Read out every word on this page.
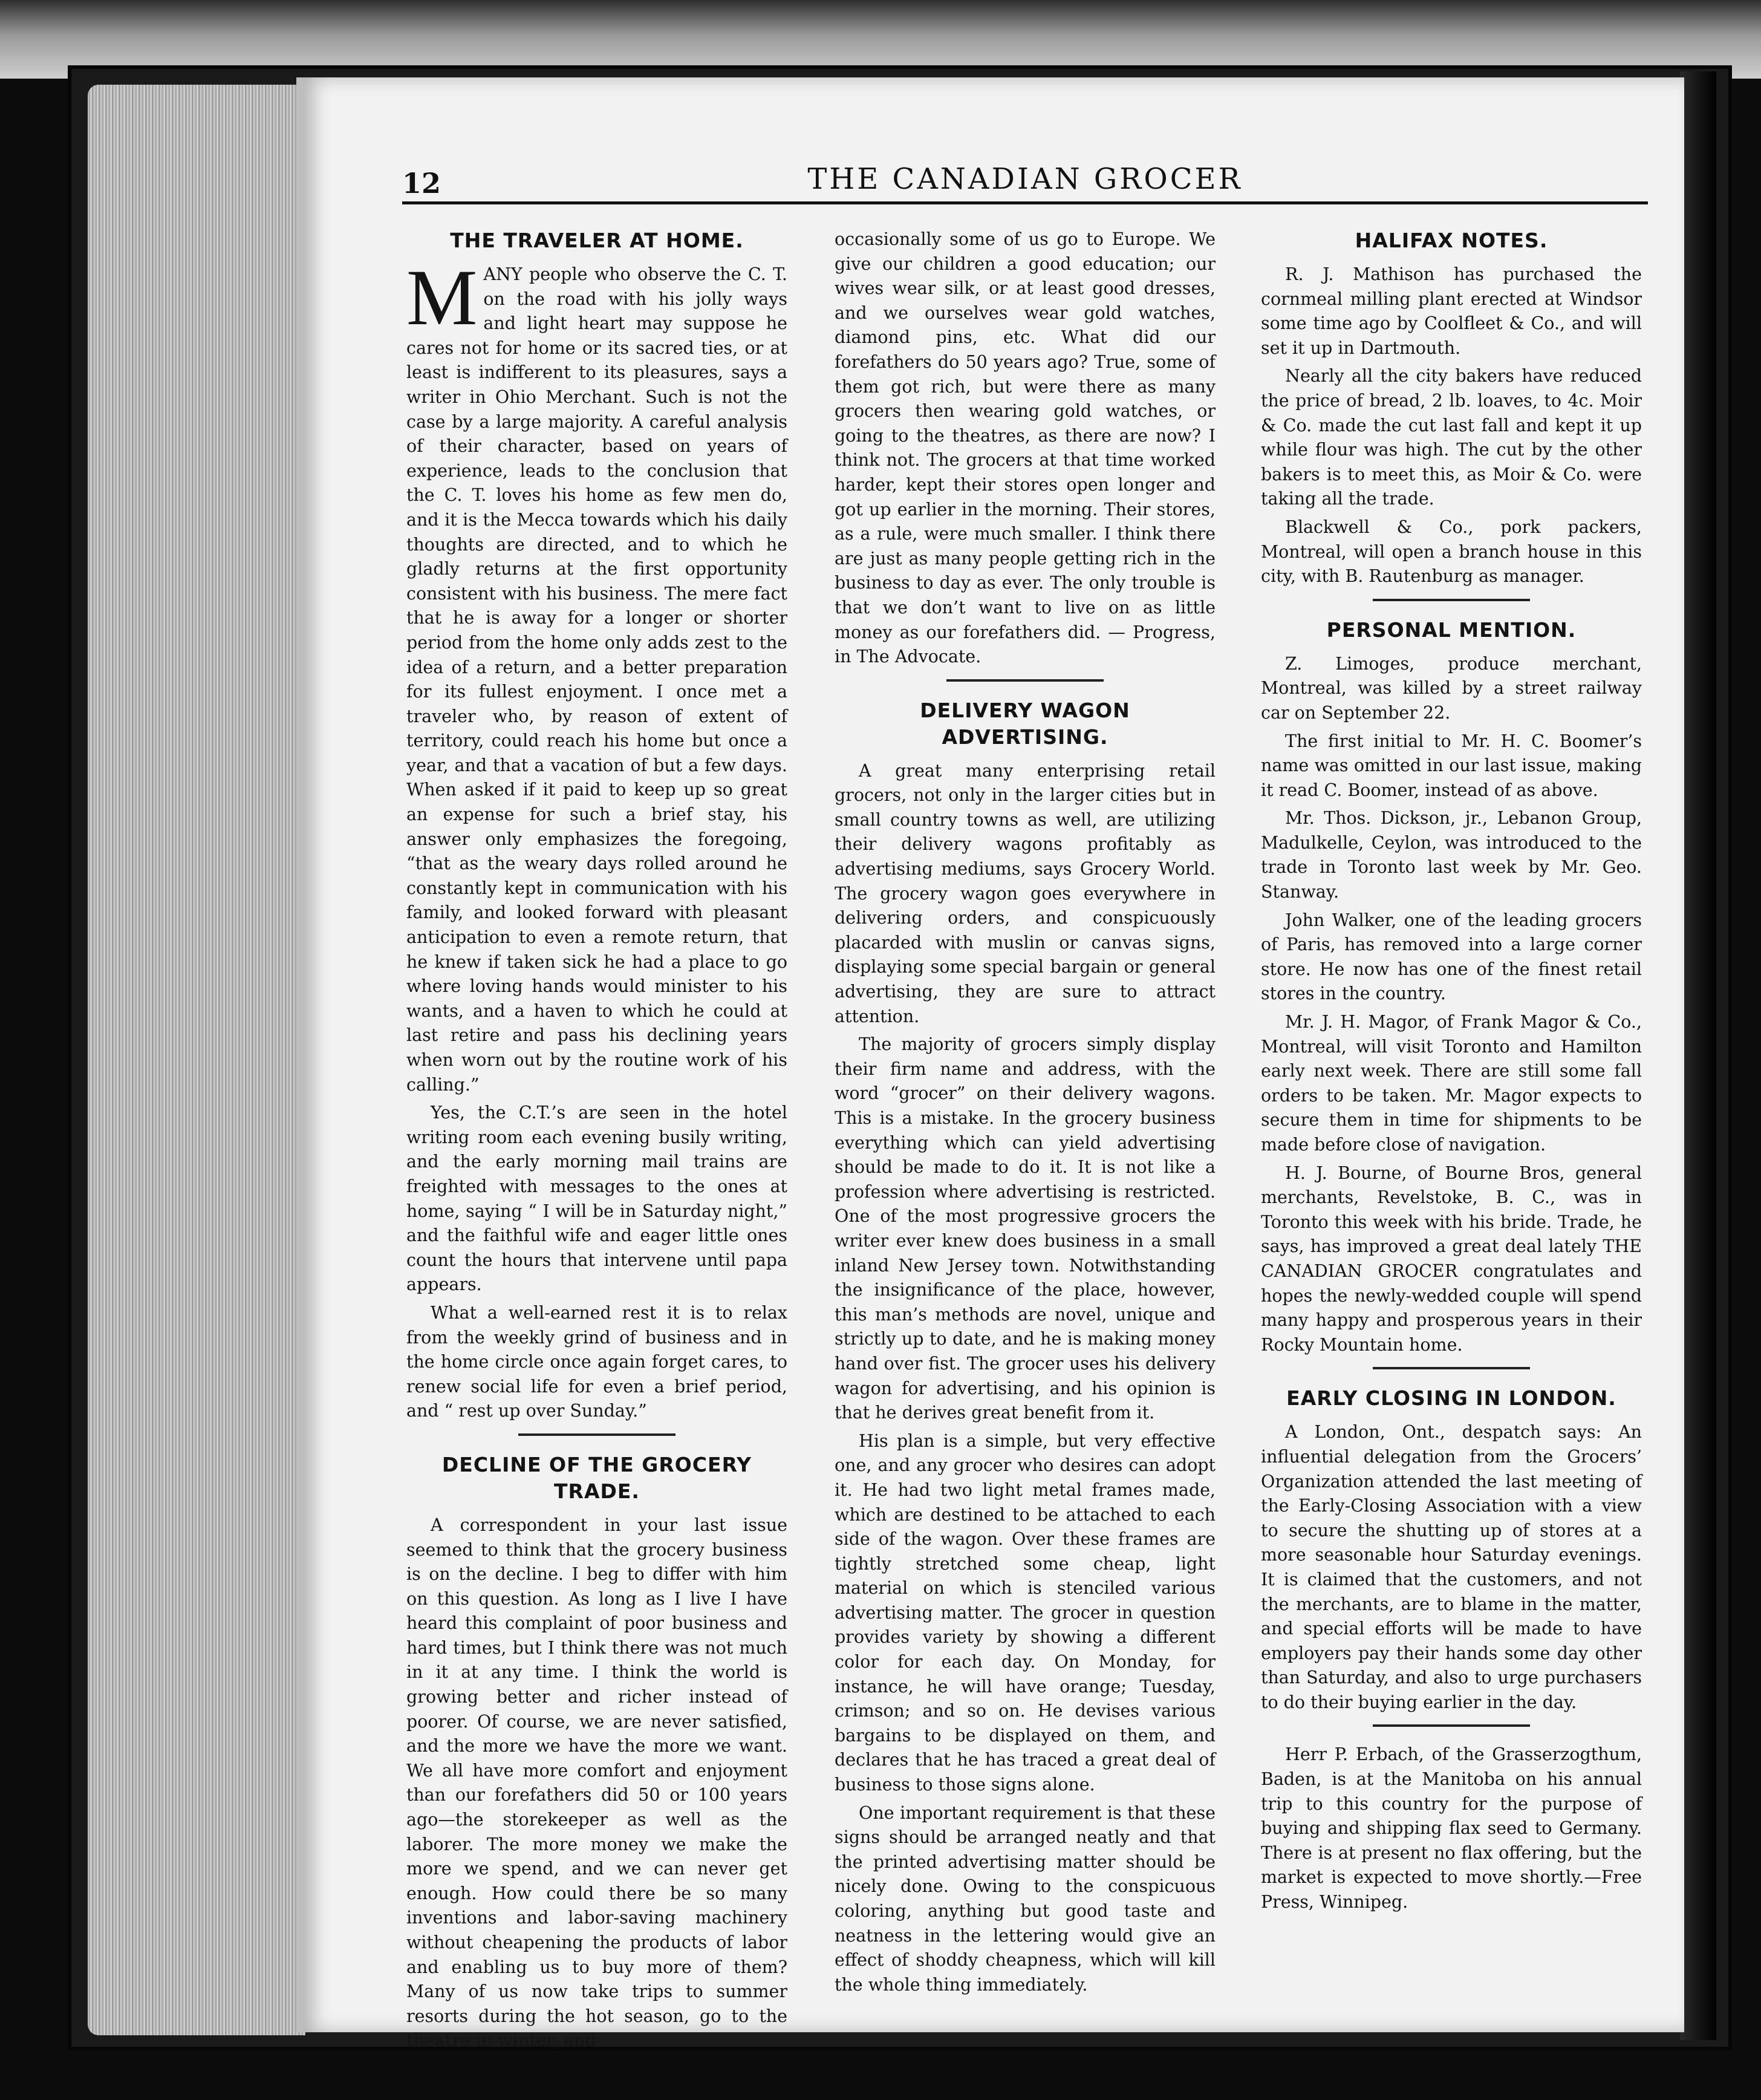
12	THE CANADIAN GROCER
THE TRAVELER AT HOME.

MANY people who observe the C. T. on the road with his jolly ways and light heart may suppose he cares not for home or its sacred ties, or at least is indifferent to its pleasures, says a writer in Ohio Merchant. Such is not the case by a large majority. A careful analysis of their character, based on years of experience, leads to the conclusion that the C. T. loves his home as few men do, and it is the Mecca towards which his daily thoughts are directed, and to which he gladly returns at the first opportunity consistent with his business. The mere fact that he is away for a longer or shorter period from the home only adds zest to the idea of a return, and a better preparation for its fullest enjoyment. I once met a traveler who, by reason of extent of territory, could reach his home but once a year, and that a vacation of but a few days. When asked if it paid to keep up so great an expense for such a brief stay, his answer only emphasizes the foregoing, “that as the weary days rolled around he constantly kept in communication with his family, and looked forward with pleasant anticipation to even a remote return, that he knew if taken sick he had a place to go where loving hands would minister to his wants, and a haven to which he could at last retire and pass his declining years when worn out by the routine work of his calling.”

Yes, the C.T.’s are seen in the hotel writing room each evening busily writing, and the early morning mail trains are freighted with messages to the ones at home, saying “ I will be in Saturday night,” and the faithful wife and eager little ones count the hours that intervene until papa appears.

What a well-earned rest it is to relax from the weekly grind of business and in the home circle once again forget cares, to renew social life for even a brief period, and “ rest up over Sunday.”

DECLINE OF THE GROCERY TRADE.

A correspondent in your last issue seemed to think that the grocery business is on the decline. I beg to differ with him on this question. As long as I live I have heard this complaint of poor business and hard times, but I think there was not much in it at any time. I think the world is growing better and richer instead of poorer. Of course, we are never satisfied, and the more we have the more we want. We all have more comfort and enjoyment than our forefathers did 50 or 100 years ago—the storekeeper as well as the laborer. The more money we make the more we spend, and we can never get enough. How could there be so many inventions and labor-saving machinery without cheapening the products of labor and enabling us to buy more of them? Many of us now take trips to summer resorts during the hot season, go to the theatre in winter, and

occasionally some of us go to Europe. We give our children a good education; our wives wear silk, or at least good dresses, and we ourselves wear gold watches, diamond pins, etc. What did our forefathers do 50 years ago? True, some of them got rich, but were there as many grocers then wearing gold watches, or going to the theatres, as there are now? I think not. The grocers at that time worked harder, kept their stores open longer and got up earlier in the morning. Their stores, as a rule, were much smaller. I think there are just as many people getting rich in the business to day as ever. The only trouble is that we don’t want to live on as little money as our forefathers did. — Progress, in The Advocate.

DELIVERY WAGON ADVERTISING.

A great many enterprising retail grocers, not only in the larger cities but in small country towns as well, are utilizing their delivery wagons profitably as advertising mediums, says Grocery World. The grocery wagon goes everywhere in delivering orders, and conspicuously placarded with muslin or canvas signs, displaying some special bargain or general advertising, they are sure to attract attention.

The majority of grocers simply display their firm name and address, with the word “grocer” on their delivery wagons. This is a mistake. In the grocery business everything which can yield advertising should be made to do it. It is not like a profession where advertising is restricted. One of the most progressive grocers the writer ever knew does business in a small inland New Jersey town. Notwithstanding the insignificance of the place, however, this man’s methods are novel, unique and strictly up to date, and he is making money hand over fist. The grocer uses his delivery wagon for advertising, and his opinion is that he derives great benefit from it.

His plan is a simple, but very effective one, and any grocer who desires can adopt it. He had two light metal frames made, which are destined to be attached to each side of the wagon. Over these frames are tightly stretched some cheap, light material on which is stenciled various advertising matter. The grocer in question provides variety by showing a different color for each day. On Monday, for instance, he will have orange; Tuesday, crimson; and so on. He devises various bargains to be displayed on them, and declares that he has traced a great deal of business to those signs alone.

One important requirement is that these signs should be arranged neatly and that the printed advertising matter should be nicely done. Owing to the conspicuous coloring, anything but good taste and neatness in the lettering would give an effect of shoddy cheapness, which will kill the whole thing immediately.

HALIFAX NOTES.

R. J. Mathison has purchased the cornmeal milling plant erected at Windsor some time ago by Coolfleet & Co., and will set it up in Dartmouth.

Nearly all the city bakers have reduced the price of bread, 2 lb. loaves, to 4c. Moir & Co. made the cut last fall and kept it up while flour was high. The cut by the other bakers is to meet this, as Moir & Co. were taking all the trade.

Blackwell & Co., pork packers, Montreal, will open a branch house in this city, with B. Rautenburg as manager.

PERSONAL MENTION.

Z. Limoges, produce merchant, Montreal, was killed by a street railway car on September 22.

The first initial to Mr. H. C. Boomer’s name was omitted in our last issue, making it read C. Boomer, instead of as above.

Mr. Thos. Dickson, jr., Lebanon Group, Madulkelle, Ceylon, was introduced to the trade in Toronto last week by Mr. Geo. Stanway.

John Walker, one of the leading grocers of Paris, has removed into a large corner store. He now has one of the finest retail stores in the country.

Mr. J. H. Magor, of Frank Magor & Co., Montreal, will visit Toronto and Hamilton early next week. There are still some fall orders to be taken. Mr. Magor expects to secure them in time for shipments to be made before close of navigation.

H. J. Bourne, of Bourne Bros, general merchants, Revelstoke, B. C., was in Toronto this week with his bride. Trade, he says, has improved a great deal lately THE CANADIAN GROCER congratulates and hopes the newly-wedded couple will spend many happy and prosperous years in their Rocky Mountain home.

EARLY CLOSING IN LONDON.

A London, Ont., despatch says: An influential delegation from the Grocers’ Organization attended the last meeting of the Early-Closing Association with a view to secure the shutting up of stores at a more seasonable hour Saturday evenings. It is claimed that the customers, and not the merchants, are to blame in the matter, and special efforts will be made to have employers pay their hands some day other than Saturday, and also to urge purchasers to do their buying earlier in the day.

Herr P. Erbach, of the Grasserzogthum, Baden, is at the Manitoba on his annual trip to this country for the purpose of buying and shipping flax seed to Germany. There is at present no flax offering, but the market is expected to move shortly.—Free Press, Winnipeg.
